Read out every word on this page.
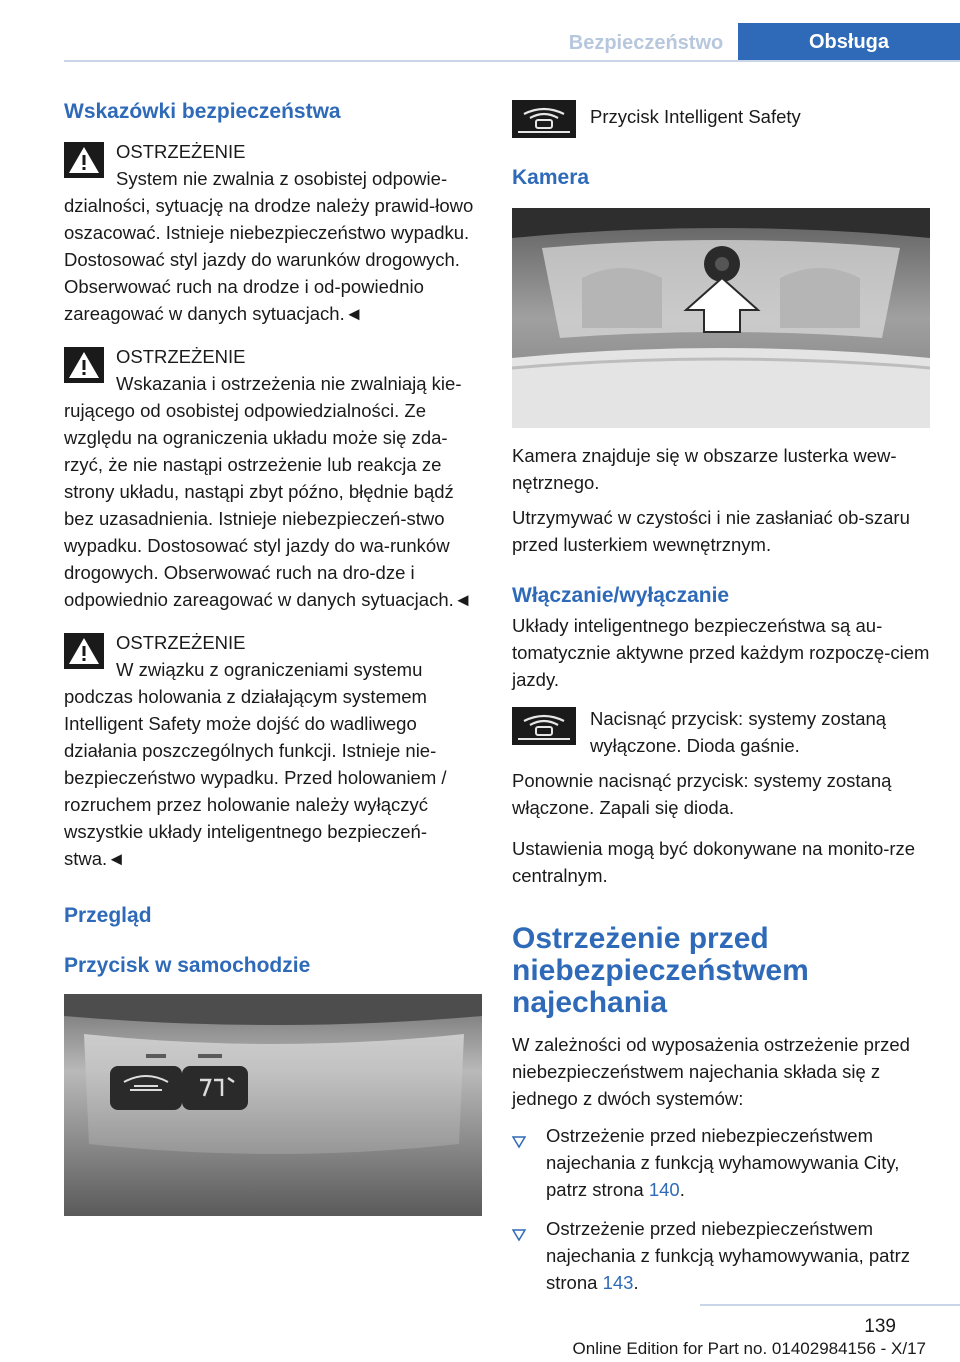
Bezpieczeństwo	Obsługa
Wskazówki bezpieczeństwa
OSTRZEŻENIE
System nie zwalnia z osobistej odpowie-dzialności, sytuację na drodze należy prawid-łowo oszacować. Istnieje niebezpieczeństwo wypadku. Dostosować styl jazdy do warunków drogowych. Obserwować ruch na drodze i od-powiednio zareagować w danych sytuacjach.◄
OSTRZEŻENIE
Wskazania i ostrzeżenia nie zwalniają kie-rującego od osobistej odpowiedzialności. Ze względu na ograniczenia układu może się zda-rzyć, że nie nastąpi ostrzeżenie lub reakcja ze strony układu, nastąpi zbyt późno, błędnie bądź bez uzasadnienia. Istnieje niebezpieczeń-stwo wypadku. Dostosować styl jazdy do wa-runków drogowych. Obserwować ruch na dro-dze i odpowiednio zareagować w danych sytuacjach.◄
OSTRZEŻENIE
W związku z ograniczeniami systemu podczas holowania z działającym systemem Intelligent Safety może dojść do wadliwego działania poszczególnych funkcji. Istnieje nie-bezpieczeństwo wypadku. Przed holowaniem / rozruchem przez holowanie należy wyłączyć wszystkie układy inteligentnego bezpieczeń-stwa.◄
Przegląd
Przycisk w samochodzie
Przycisk Intelligent Safety
Kamera
Kamera znajduje się w obszarze lusterka wew-nętrznego.
Utrzymywać w czystości i nie zasłaniać ob-szaru przed lusterkiem wewnętrznym.
Włączanie/wyłączanie
Układy inteligentnego bezpieczeństwa są au-tomatycznie aktywne przed każdym rozpoczę-ciem jazdy.
Nacisnąć przycisk: systemy zostaną wyłączone. Dioda gaśnie.
Ponownie nacisnąć przycisk: systemy zostaną włączone. Zapali się dioda.
Ustawienia mogą być dokonywane na monito-rze centralnym.
Ostrzeżenie przed niebezpieczeństwem najechania
W zależności od wyposażenia ostrzeżenie przed niebezpieczeństwem najechania składa się z jednego z dwóch systemów:
Ostrzeżenie przed niebezpieczeństwem najechania z funkcją wyhamowywania City, patrz strona 140.
Ostrzeżenie przed niebezpieczeństwem najechania z funkcją wyhamowywania, patrz strona 143.
139
Online Edition for Part no. 01402984156 - X/17
